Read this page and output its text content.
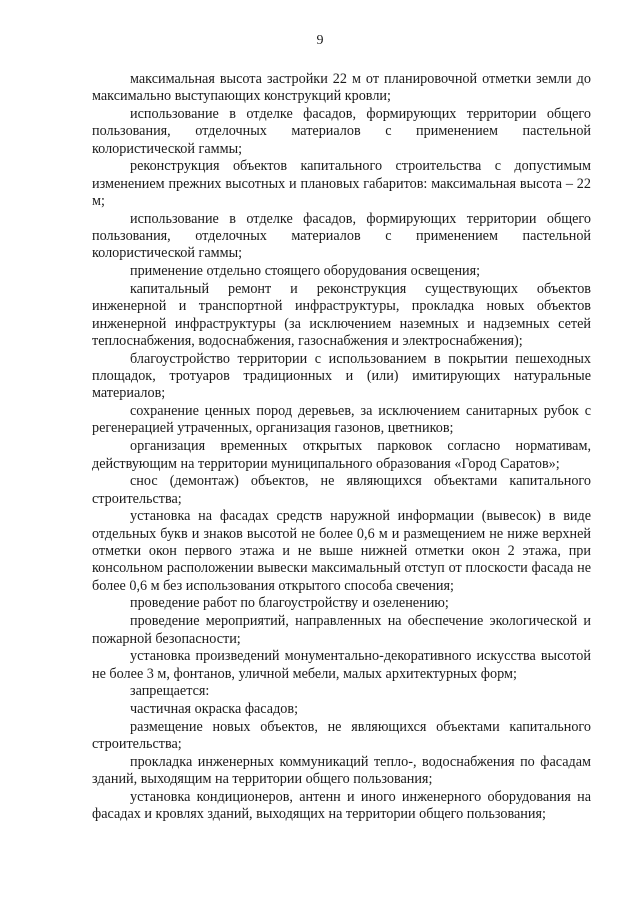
9

максимальная высота застройки 22 м от планировочной отметки земли до максимально выступающих конструкций кровли;

использование в отделке фасадов, формирующих территории общего пользования, отделочных материалов с применением пастельной колористической гаммы;

реконструкция объектов капитального строительства с допустимым изменением прежних высотных и плановых габаритов: максимальная высота – 22 м;

использование в отделке фасадов, формирующих территории общего пользования, отделочных материалов с применением пастельной колористической гаммы;

применение отдельно стоящего оборудования освещения;

капитальный ремонт и реконструкция существующих объектов инженерной и транспортной инфраструктуры, прокладка новых объектов инженерной инфраструктуры (за исключением наземных и надземных сетей теплоснабжения, водоснабжения, газоснабжения и электроснабжения);

благоустройство территории с использованием в покрытии пешеходных площадок, тротуаров традиционных и (или) имитирующих натуральные материалов;

сохранение ценных пород деревьев, за исключением санитарных рубок с регенерацией утраченных, организация газонов, цветников;

организация временных открытых парковок согласно нормативам, действующим на территории муниципального образования «Город Саратов»;

снос (демонтаж) объектов, не являющихся объектами капитального строительства;

установка на фасадах средств наружной информации (вывесок) в виде отдельных букв и знаков высотой не более 0,6 м и размещением не ниже верхней отметки окон первого этажа и не выше нижней отметки окон 2 этажа, при консольном расположении вывески максимальный отступ от плоскости фасада не более 0,6 м без использования открытого способа свечения;

проведение работ по благоустройству и озеленению;

проведение мероприятий, направленных на обеспечение экологической и пожарной безопасности;

установка произведений монументально-декоративного искусства высотой не более 3 м, фонтанов, уличной мебели, малых архитектурных форм;

запрещается:

частичная окраска фасадов;

размещение новых объектов, не являющихся объектами капитального строительства;

прокладка инженерных коммуникаций тепло-, водоснабжения по фасадам зданий, выходящим на территории общего пользования;

установка кондиционеров, антенн и иного инженерного оборудования на фасадах и кровлях зданий, выходящих на территории общего пользования;
